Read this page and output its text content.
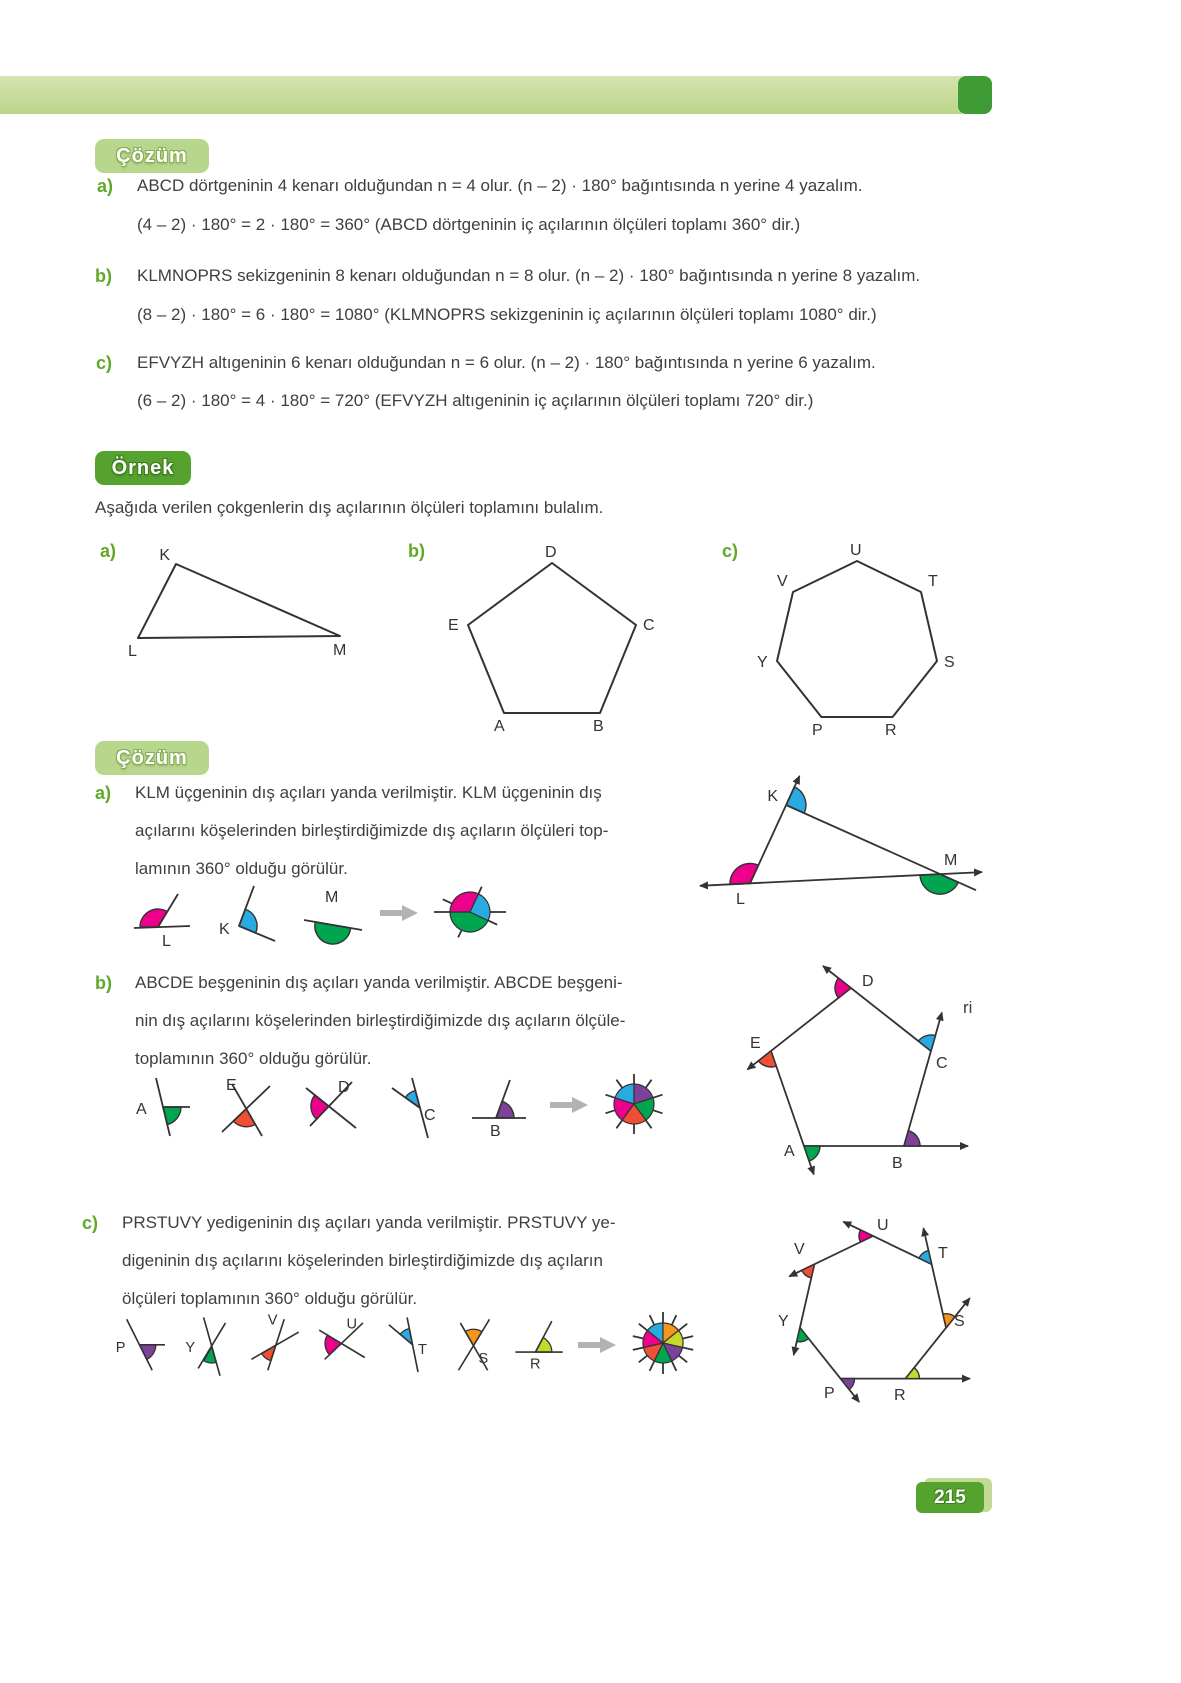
Çözüm
a) ABCD dörtgeninin 4 kenarı olduğundan n = 4 olur. (n – 2) · 180° bağıntısında n yerine 4 yazalım.
(4 – 2) · 180° = 2 · 180° = 360° (ABCD dörtgeninin iç açılarının ölçüleri toplamı 360° dir.)
b) KLMNOPRS sekizgeninin 8 kenarı olduğundan n = 8 olur. (n – 2) · 180° bağıntısında n yerine 8 yazalım.
(8 – 2) · 180° = 6 · 180° = 1080° (KLMNOPRS sekizgeninin iç açılarının ölçüleri toplamı 1080° dir.)
c) EFVYZH altıgeninin 6 kenarı olduğundan n = 6 olur. (n – 2) · 180° bağıntısında n yerine 6 yazalım.
(6 – 2) · 180° = 4 · 180° = 720° (EFVYZH altıgeninin iç açılarının ölçüleri toplamı 720° dir.)
Örnek
Aşağıda verilen çokgenlerin dış açılarının ölçüleri toplamını bulalım.
a)	K
L	M
b)	D
E	C
A	B
c)	U
V	T
Y	S
P	R
Çözüm
a) KLM üçgeninin dış açıları yanda verilmiştir. KLM üçgeninin dış
açılarını köşelerinden birleştirdiğimizde dış açıların ölçüleri top-
lamının 360° olduğu görülür.
L
K
M
K
L
M
b) ABCDE beşgeninin dış açıları yanda verilmiştir. ABCDE beşgeni-
nin dış açılarını köşelerinden birleştirdiğimizde dış açıların ölçüle-
toplamının 360° olduğu görülür.
ri
A
E	D
C
B
D
C
E
A
B
c) PRSTUVY yedigeninin dış açıları yanda verilmiştir. PRSTUVY ye-
digeninin dış açılarını köşelerinden birleştirdiğimizde dış açıların
ölçüleri toplamının 360° olduğu görülür.
P	Y
V	U
T
S	R
U
V	T
Y	S
P	R
215
